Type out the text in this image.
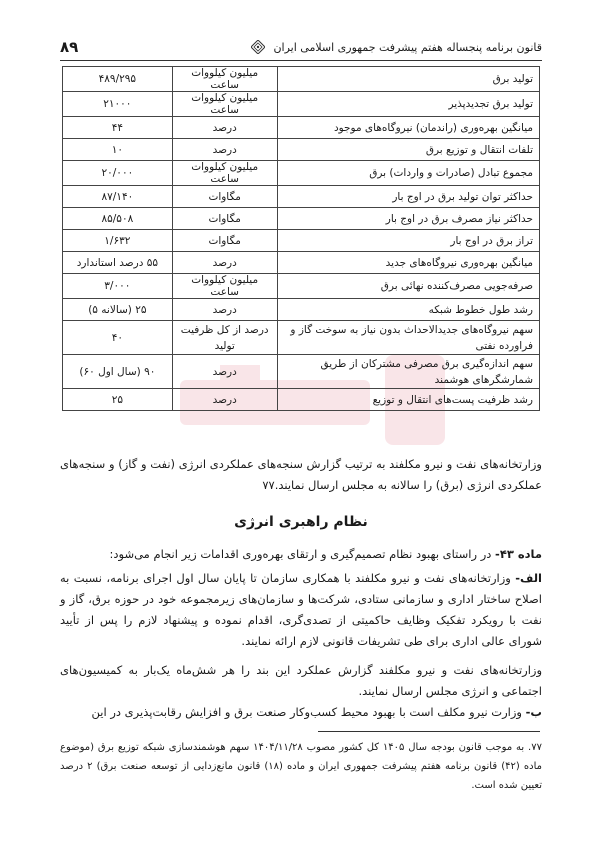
۸۹	قانون برنامه پنجساله هفتم پیشرفت جمهوری اسلامی ایران
تولید برق	میلیون کیلووات ساعت	۴۸۹/۲۹۵
تولید برق تجدیدپذیر	میلیون کیلووات ساعت	۲۱۰۰۰
میانگین بهره‌وری (راندمان) نیروگاه‌های موجود	درصد	۴۴
تلفات انتقال و توزیع برق	درصد	۱۰
مجموع تبادل (صادرات و واردات) برق	میلیون کیلووات ساعت	۲۰/۰۰۰
حداکثر توان تولید برق در اوج بار	مگاوات	۸۷/۱۴۰
حداکثر نیاز مصرف برق در اوج بار	مگاوات	۸۵/۵۰۸
تراز برق در اوج بار	مگاوات	۱/۶۳۲
میانگین بهره‌وری نیروگاه‌های جدید	درصد	۵۵ درصد استاندارد
صرفه‌جویی مصرف‌کننده نهائی برق	میلیون کیلووات ساعت	۳/۰۰۰
رشد طول خطوط شبکه	درصد	۲۵ (سالانه ۵)
سهم نیروگاه‌های جدیدالاحداث بدون نیاز به سوخت گاز و فراورده نفتی	درصد از کل ظرفیت تولید	۴۰
سهم اندازه‌گیری برق مصرفی مشترکان از طریق شمارشگرهای هوشمند	درصد	۹۰ (سال اول ۶۰)
رشد ظرفیت پست‌های انتقال و توزیع	درصد	۲۵

وزارتخانه‌های نفت و نیرو مکلفند به ترتیب گزارش سنجه‌های عملکردی انرژی (نفت و گاز) و سنجه‌های عملکردی انرژی (برق) را سالانه به مجلس ارسال نمایند.۷۷

نظام راهبری انرژی

ماده ۴۳- در راستای بهبود نظام تصمیم‌گیری و ارتقای بهره‌وری اقدامات زیر انجام می‌شود:

الف- وزارتخانه‌های نفت و نیرو مکلفند با همکاری سازمان تا پایان سال اول اجرای برنامه، نسبت به اصلاح ساختار اداری و سازمانی ستادی، شرکت‌ها و سازمان‌های زیرمجموعه خود در حوزه برق، گاز و نفت با رویکرد تفکیک وظایف حاکمیتی از تصدی‌گری، اقدام نموده و پیشنهاد لازم را پس از تأیید شورای عالی اداری برای طی تشریفات قانونی لازم ارائه نمایند.

وزارتخانه‌های نفت و نیرو مکلفند گزارش عملکرد این بند را هر شش‌ماه یک‌بار به کمیسیون‌های اجتماعی و انرژی مجلس ارسال نمایند.

ب- وزارت نیرو مکلف است با بهبود محیط کسب‌وکار صنعت برق و افزایش رقابت‌پذیری در این

۷۷. به موجب قانون بودجه سال ۱۴۰۵ کل کشور مصوب ۱۴۰۴/۱۱/۲۸ سهم هوشمندسازی شبکه توزیع برق (موضوع ماده (۴۲) قانون برنامه هفتم پیشرفت جمهوری ایران و ماده (۱۸) قانون مانع‌زدایی از توسعه صنعت برق) ۲ درصد تعیین شده است.
